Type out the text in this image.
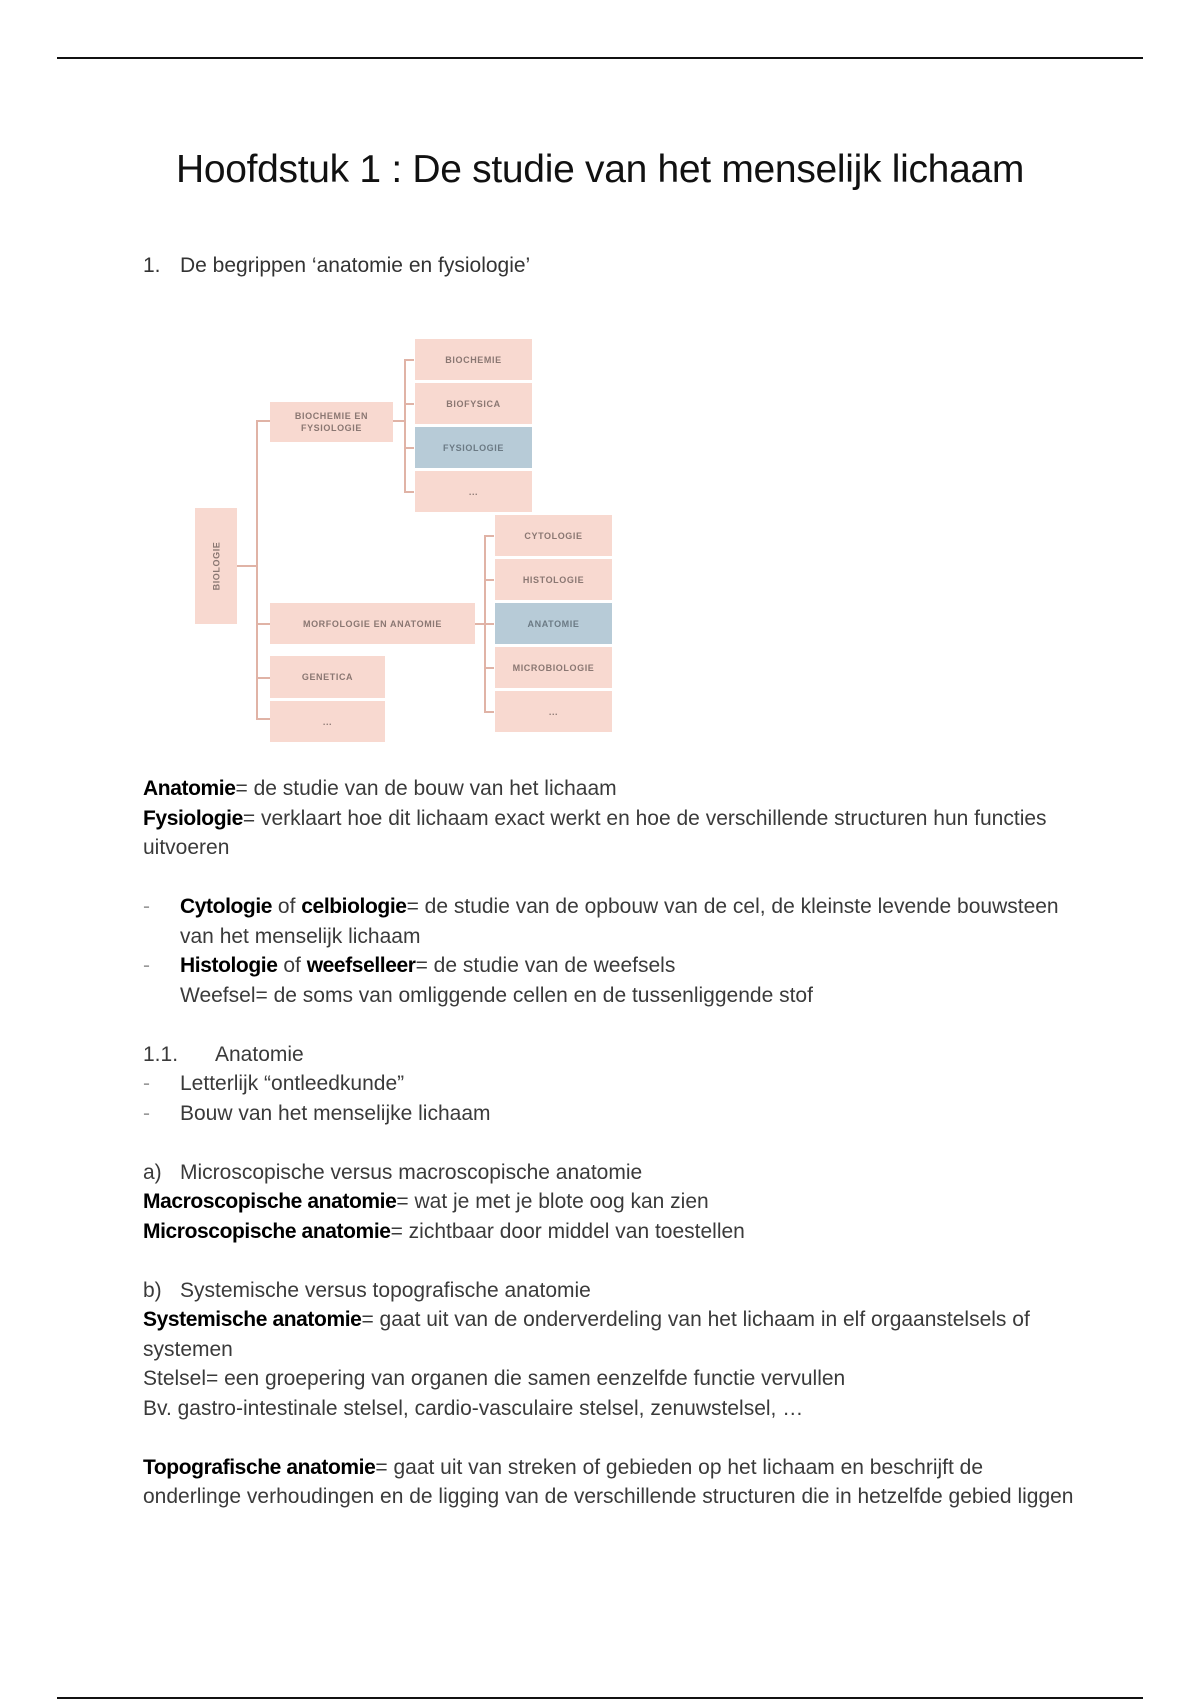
Hoofdstuk 1 : De studie van het menselijk lichaam
1. De begrippen ‘anatomie en fysiologie’
BIOLOGIE
BIOCHEMIE EN FYSIOLOGIE
BIOCHEMIE
BIOFYSICA
FYSIOLOGIE
...
MORFOLOGIE EN ANATOMIE
CYTOLOGIE
HISTOLOGIE
ANATOMIE
MICROBIOLOGIE
...
GENETICA
...

Anatomie= de studie van de bouw van het lichaam

Fysiologie= verklaart hoe dit lichaam exact werkt en hoe de verschillende structuren hun functies uitvoeren

- Cytologie of celbiologie= de studie van de opbouw van de cel, de kleinste levende bouwsteen van het menselijk lichaam
- Histologie of weefselleer= de studie van de weefsels
Weefsel= de soms van omliggende cellen en de tussenliggende stof

1.1. Anatomie

- Letterlijk “ontleedkunde”
- Bouw van het menselijke lichaam
a) Microscopische versus macroscopische anatomie

Macroscopische anatomie= wat je met je blote oog kan zien

Microscopische anatomie= zichtbaar door middel van toestellen

b) Systemische versus topografische anatomie

Systemische anatomie= gaat uit van de onderverdeling van het lichaam in elf orgaanstelsels of systemen

Stelsel= een groepering van organen die samen eenzelfde functie vervullen

Bv. gastro-intestinale stelsel, cardio-vasculaire stelsel, zenuwstelsel, …

Topografische anatomie= gaat uit van streken of gebieden op het lichaam en beschrijft de onderlinge verhoudingen en de ligging van de verschillende structuren die in hetzelfde gebied liggen
